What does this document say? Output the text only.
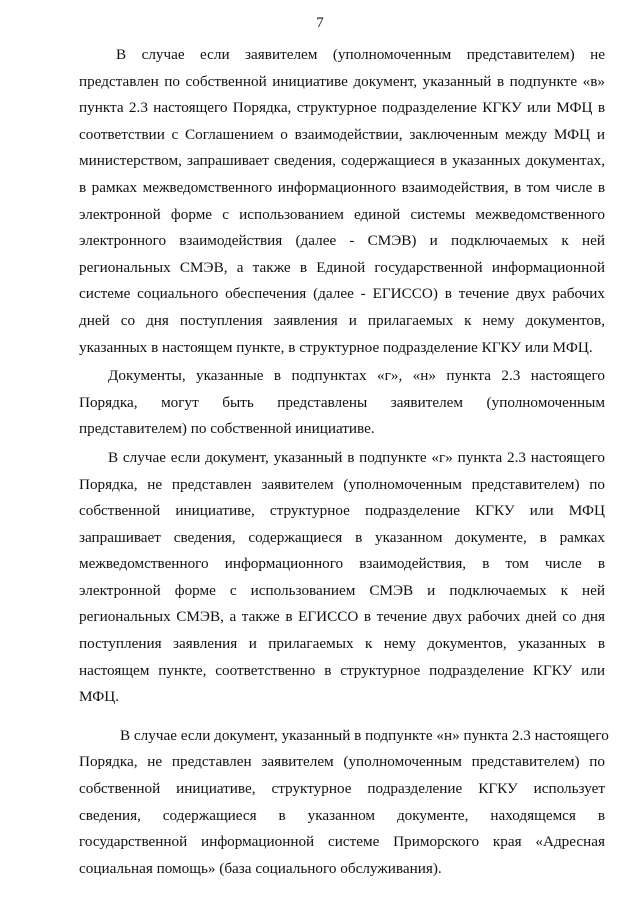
7

В случае если заявителем (уполномоченным представителем) не
представлен по собственной инициативе документ, указанный в подпункте «в»
пункта 2.3 настоящего Порядка, структурное подразделение КГКУ или МФЦ в
соответствии с Соглашением о взаимодействии, заключенным между МФЦ и
министерством, запрашивает сведения, содержащиеся в указанных документах,
в рамках межведомственного информационного взаимодействия, в том числе в
электронной форме с использованием единой системы межведомственного
электронного взаимодействия (далее - СМЭВ) и подключаемых к ней
региональных СМЭВ, а также в Единой государственной информационной
системе социального обеспечения (далее - ЕГИССО) в течение двух рабочих
дней со дня поступления заявления и прилагаемых к нему документов,
указанных в настоящем пункте, в структурное подразделение КГКУ или МФЦ.

Документы, указанные в подпунктах «г», «н» пункта 2.3 настоящего
Порядка, могут быть представлены заявителем (уполномоченным
представителем) по собственной инициативе.

В случае если документ, указанный в подпункте «г» пункта 2.3 настоящего
Порядка, не представлен заявителем (уполномоченным представителем) по
собственной инициативе, структурное подразделение КГКУ или МФЦ
запрашивает сведения, содержащиеся в указанном документе, в рамках
межведомственного информационного взаимодействия, в том числе в
электронной форме с использованием СМЭВ и подключаемых к ней
региональных СМЭВ, а также в ЕГИССО в течение двух рабочих дней со дня
поступления заявления и прилагаемых к нему документов, указанных в
настоящем пункте, соответственно в структурное подразделение КГКУ или
МФЦ.

В случае если документ, указанный в подпункте «н» пункта 2.3 настоящего
Порядка, не представлен заявителем (уполномоченным представителем) по
собственной инициативе, структурное подразделение КГКУ использует
сведения, содержащиеся в указанном документе, находящемся в
государственной информационной системе Приморского края «Адресная
социальная помощь» (база социального обслуживания).
